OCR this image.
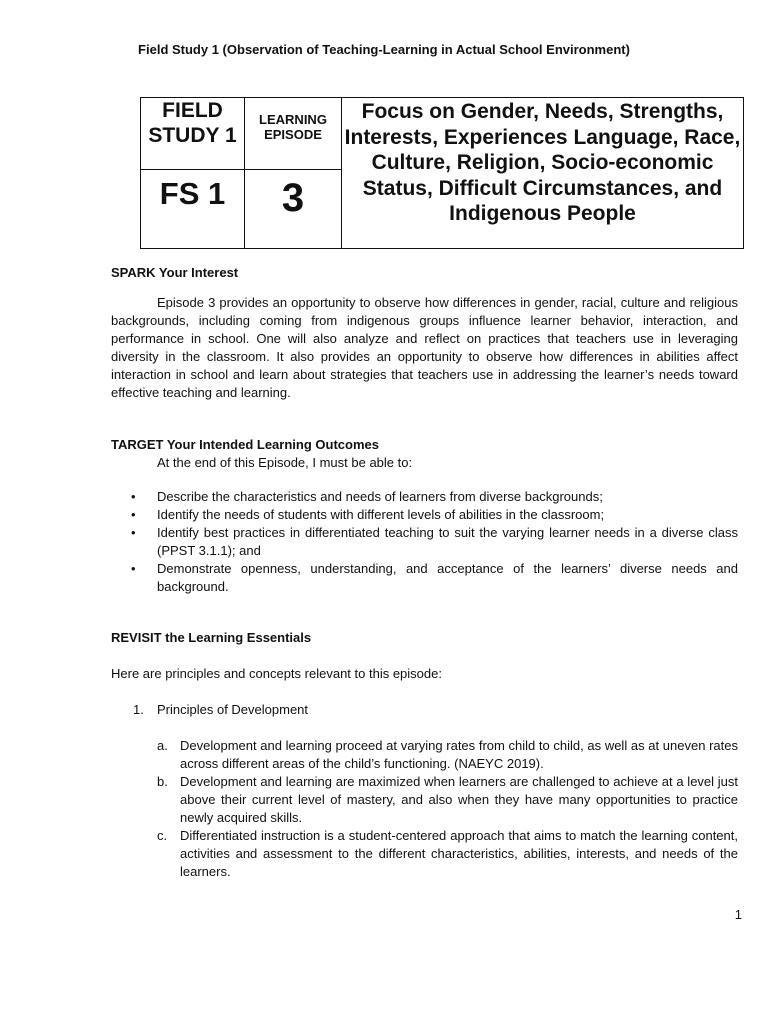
Field Study 1 (Observation of Teaching-Learning in Actual School Environment)
FIELD STUDY 1	LEARNING EPISODE	Focus on Gender, Needs, Strengths, Interests, Experiences Language, Race, Culture, Religion, Socio-economic Status, Difficult Circumstances, and Indigenous People

FS 1	3	
SPARK Your Interest
Episode 3 provides an opportunity to observe how differences in gender, racial, culture and religious backgrounds, including coming from indigenous groups influence learner behavior, interaction, and performance in school. One will also analyze and reflect on practices that teachers use in leveraging diversity in the classroom. It also provides an opportunity to observe how differences in abilities affect interaction in school and learn about strategies that teachers use in addressing the learner’s needs toward effective teaching and learning.
TARGET Your Intended Learning Outcomes
At the end of this Episode, I must be able to:
• Describe the characteristics and needs of learners from diverse backgrounds;
• Identify the needs of students with different levels of abilities in the classroom;
• Identify best practices in differentiated teaching to suit the varying learner needs in a diverse class (PPST 3.1.1); and
• Demonstrate openness, understanding, and acceptance of the learners’ diverse needs and background.
REVISIT the Learning Essentials
Here are principles and concepts relevant to this episode:
1. Principles of Development
a. Development and learning proceed at varying rates from child to child, as well as at uneven rates across different areas of the child’s functioning. (NAEYC 2019).
b. Development and learning are maximized when learners are challenged to achieve at a level just above their current level of mastery, and also when they have many opportunities to practice newly acquired skills.
c. Differentiated instruction is a student-centered approach that aims to match the learning content, activities and assessment to the different characteristics, abilities, interests, and needs of the learners.
1
